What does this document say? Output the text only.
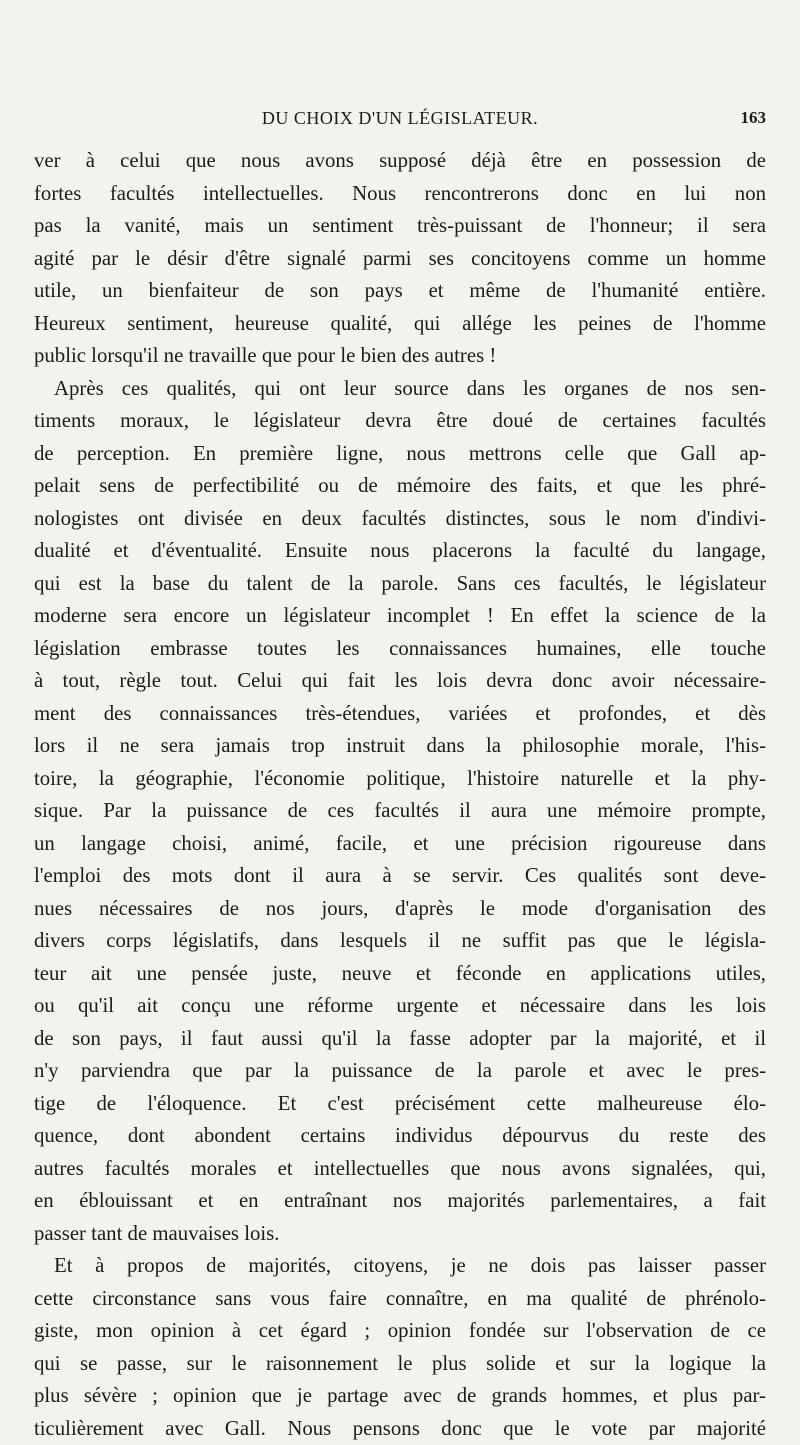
DU CHOIX D'UN LÉGISLATEUR.	163
ver à celui que nous avons supposé déjà être en possession de
fortes facultés intellectuelles. Nous rencontrerons donc en lui non
pas la vanité, mais un sentiment très-puissant de l'honneur; il sera
agité par le désir d'être signalé parmi ses concitoyens comme un homme
utile, un bienfaiteur de son pays et même de l'humanité entière.
Heureux sentiment, heureuse qualité, qui allége les peines de l'homme
public lorsqu'il ne travaille que pour le bien des autres !
Après ces qualités, qui ont leur source dans les organes de nos sen-
timents moraux, le législateur devra être doué de certaines facultés
de perception. En première ligne, nous mettrons celle que Gall ap-
pelait sens de perfectibilité ou de mémoire des faits, et que les phré-
nologistes ont divisée en deux facultés distinctes, sous le nom d'indivi-
dualité et d'éventualité. Ensuite nous placerons la faculté du langage,
qui est la base du talent de la parole. Sans ces facultés, le législateur
moderne sera encore un législateur incomplet ! En effet la science de la
législation embrasse toutes les connaissances humaines, elle touche
à tout, règle tout. Celui qui fait les lois devra donc avoir nécessaire-
ment des connaissances très-étendues, variées et profondes, et dès
lors il ne sera jamais trop instruit dans la philosophie morale, l'his-
toire, la géographie, l'économie politique, l'histoire naturelle et la phy-
sique. Par la puissance de ces facultés il aura une mémoire prompte,
un langage choisi, animé, facile, et une précision rigoureuse dans
l'emploi des mots dont il aura à se servir. Ces qualités sont deve-
nues nécessaires de nos jours, d'après le mode d'organisation des
divers corps législatifs, dans lesquels il ne suffit pas que le législa-
teur ait une pensée juste, neuve et féconde en applications utiles,
ou qu'il ait conçu une réforme urgente et nécessaire dans les lois
de son pays, il faut aussi qu'il la fasse adopter par la majorité, et il
n'y parviendra que par la puissance de la parole et avec le pres-
tige de l'éloquence. Et c'est précisément cette malheureuse élo-
quence, dont abondent certains individus dépourvus du reste des
autres facultés morales et intellectuelles que nous avons signalées, qui,
en éblouissant et en entraînant nos majorités parlementaires, a fait
passer tant de mauvaises lois.
Et à propos de majorités, citoyens, je ne dois pas laisser passer
cette circonstance sans vous faire connaître, en ma qualité de phrénolo-
giste, mon opinion à cet égard ; opinion fondée sur l'observation de ce
qui se passe, sur le raisonnement le plus solide et sur la logique la
plus sévère ; opinion que je partage avec de grands hommes, et plus par-
ticulièrement avec Gall. Nous pensons donc que le vote par majorité
